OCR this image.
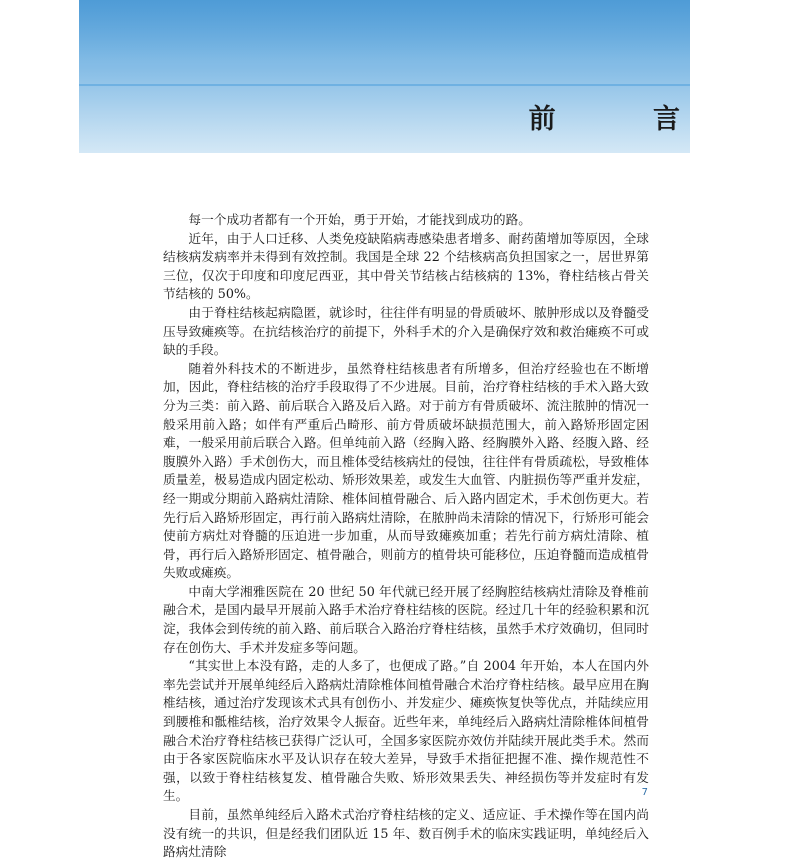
前 言

每一个成功者都有一个开始，勇于开始，才能找到成功的路。

近年，由于人口迁移、人类免疫缺陷病毒感染患者增多、耐药菌增加等原因，全球结核病发病率并未得到有效控制。我国是全球 22 个结核病高负担国家之一，居世界第三位，仅次于印度和印度尼西亚，其中骨关节结核占结核病的 13%，脊柱结核占骨关节结核的 50%。

由于脊柱结核起病隐匿，就诊时，往往伴有明显的骨质破坏、脓肿形成以及脊髓受压导致瘫痪等。在抗结核治疗的前提下，外科手术的介入是确保疗效和救治瘫痪不可或缺的手段。

随着外科技术的不断进步，虽然脊柱结核患者有所增多，但治疗经验也在不断增加，因此，脊柱结核的治疗手段取得了不少进展。目前，治疗脊柱结核的手术入路大致分为三类：前入路、前后联合入路及后入路。对于前方有骨质破坏、流注脓肿的情况一般采用前入路；如伴有严重后凸畸形、前方骨质破坏缺损范围大，前入路矫形固定困难，一般采用前后联合入路。但单纯前入路（经胸入路、经胸膜外入路、经腹入路、经腹膜外入路）手术创伤大，而且椎体受结核病灶的侵蚀，往往伴有骨质疏松，导致椎体质量差，极易造成内固定松动、矫形效果差，或发生大血管、内脏损伤等严重并发症，经一期或分期前入路病灶清除、椎体间植骨融合、后入路内固定术，手术创伤更大。若先行后入路矫形固定，再行前入路病灶清除，在脓肿尚未清除的情况下，行矫形可能会使前方病灶对脊髓的压迫进一步加重，从而导致瘫痪加重；若先行前方病灶清除、植骨，再行后入路矫形固定、植骨融合，则前方的植骨块可能移位，压迫脊髓而造成植骨失败或瘫痪。

中南大学湘雅医院在 20 世纪 50 年代就已经开展了经胸腔结核病灶清除及脊椎前融合术，是国内最早开展前入路手术治疗脊柱结核的医院。经过几十年的经验积累和沉淀，我体会到传统的前入路、前后联合入路治疗脊柱结核，虽然手术疗效确切，但同时存在创伤大、手术并发症多等问题。

“其实世上本没有路，走的人多了，也便成了路。”自 2004 年开始，本人在国内外率先尝试并开展单纯经后入路病灶清除椎体间植骨融合术治疗脊柱结核。最早应用在胸椎结核，通过治疗发现该术式具有创伤小、并发症少、瘫痪恢复快等优点，并陆续应用到腰椎和骶椎结核，治疗效果令人振奋。近些年来，单纯经后入路病灶清除椎体间植骨融合术治疗脊柱结核已获得广泛认可，全国多家医院亦效仿并陆续开展此类手术。然而由于各家医院临床水平及认识存在较大差异，导致手术指征把握不准、操作规范性不强，以致于脊柱结核复发、植骨融合失败、矫形效果丢失、神经损伤等并发症时有发生。

目前，虽然单纯经后入路术式治疗脊柱结核的定义、适应证、手术操作等在国内尚没有统一的共识，但是经我们团队近 15 年、数百例手术的临床实践证明，单纯经后入路病灶清除

7
